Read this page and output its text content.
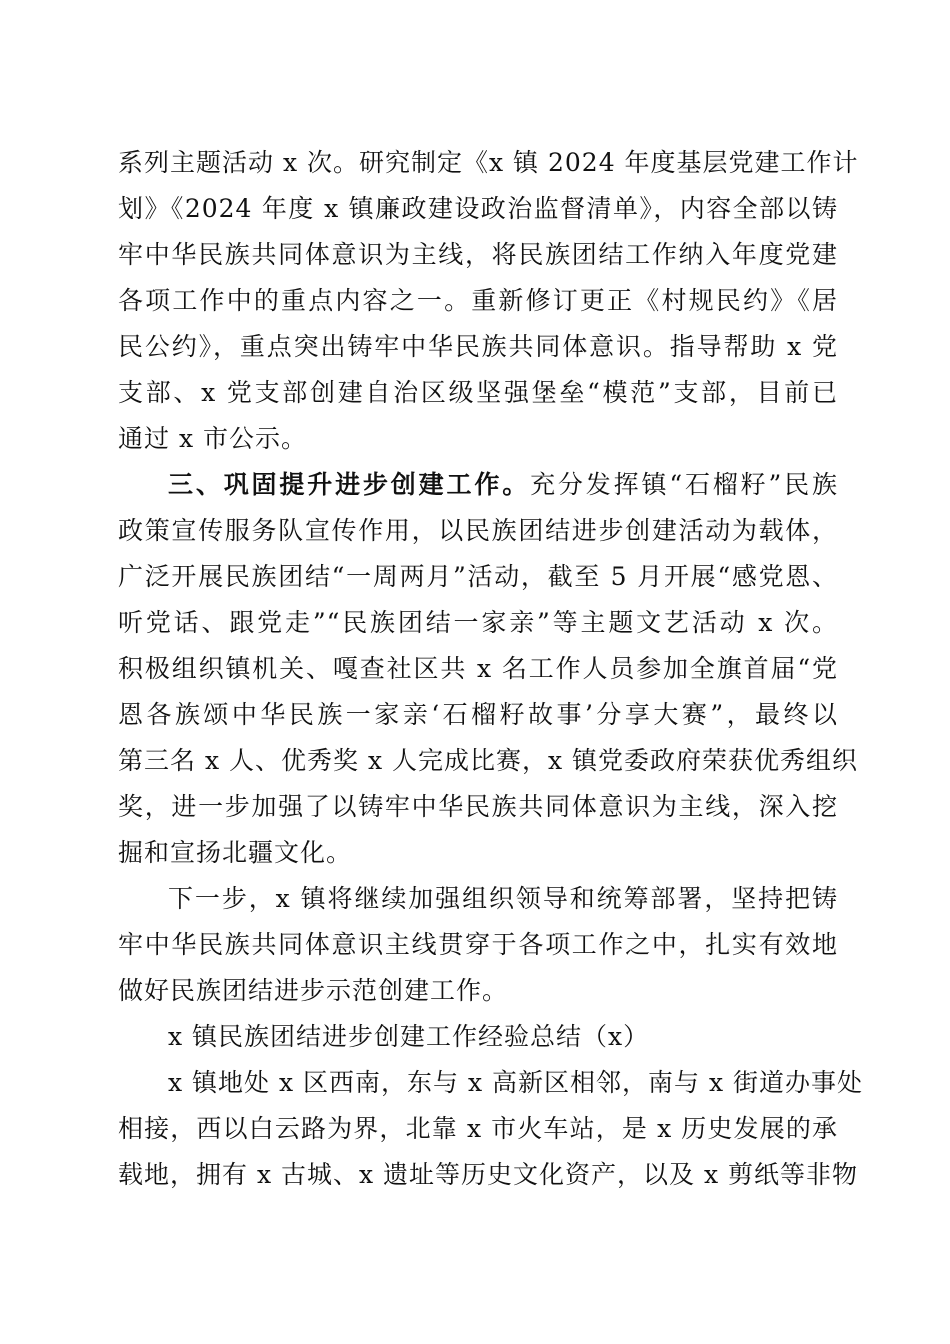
系列主题活动 x 次。研究制定《x 镇 2024 年度基层党建工作计
划》《2024 年度 x 镇廉政建设政治监督清单》，内容全部以铸
牢中华民族共同体意识为主线，将民族团结工作纳入年度党建
各项工作中的重点内容之一。重新修订更正《村规民约》《居
民公约》，重点突出铸牢中华民族共同体意识。指导帮助 x 党
支部、x 党支部创建自治区级坚强堡垒“模范”支部，目前已
通过 x 市公示。
三、巩固提升进步创建工作。充分发挥镇“石榴籽”民族
政策宣传服务队宣传作用，以民族团结进步创建活动为载体，
广泛开展民族团结“一周两月”活动，截至 5 月开展“感党恩、
听党话、跟党走”“民族团结一家亲”等主题文艺活动 x 次。
积极组织镇机关、嘎查社区共 x 名工作人员参加全旗首届“党
恩各族颂中华民族一家亲‘石榴籽故事’分享大赛”，最终以
第三名 x 人、优秀奖 x 人完成比赛，x 镇党委政府荣获优秀组织
奖，进一步加强了以铸牢中华民族共同体意识为主线，深入挖
掘和宣扬北疆文化。
下一步，x 镇将继续加强组织领导和统筹部署，坚持把铸
牢中华民族共同体意识主线贯穿于各项工作之中，扎实有效地
做好民族团结进步示范创建工作。
x 镇民族团结进步创建工作经验总结（x）
x 镇地处 x 区西南，东与 x 高新区相邻，南与 x 街道办事处
相接，西以白云路为界，北靠 x 市火车站，是 x 历史发展的承
载地，拥有 x 古城、x 遗址等历史文化资产，以及 x 剪纸等非物
